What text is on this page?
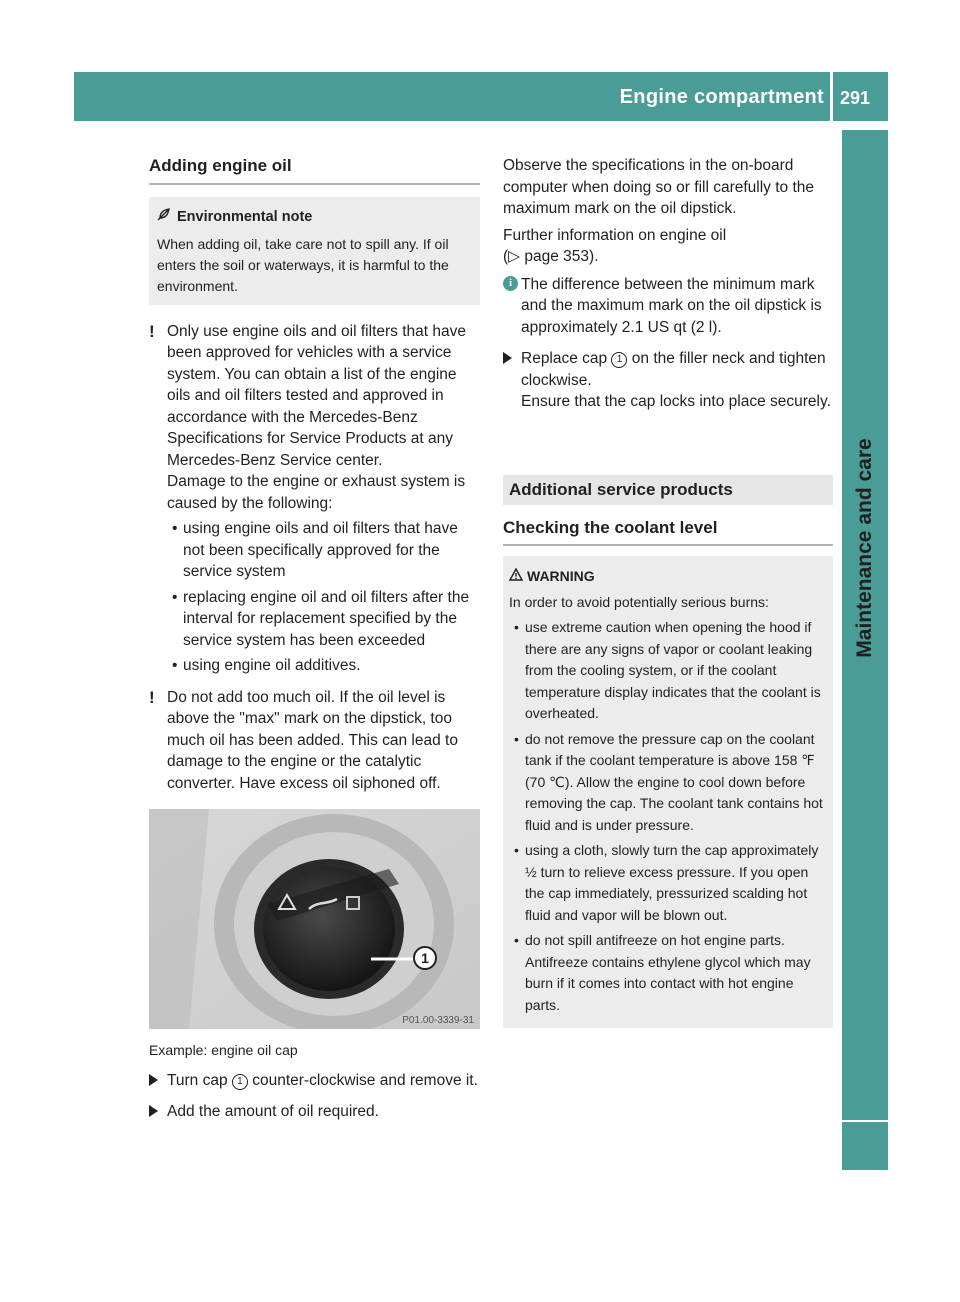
Engine compartment 291
Maintenance and care
Adding engine oil
Environmental note

When adding oil, take care not to spill any. If oil enters the soil or waterways, it is harmful to the environment.

! Only use engine oils and oil filters that have been approved for vehicles with a service system. You can obtain a list of the engine oils and oil filters tested and approved in accordance with the Mercedes-Benz Specifications for Service Products at any Mercedes-Benz Service center.

Damage to the engine or exhaust system is caused by the following:

• using engine oils and oil filters that have not been specifically approved for the service system
• replacing engine oil and oil filters after the interval for replacement specified by the service system has been exceeded
• using engine oil additives.
! Do not add too much oil. If the oil level is above the "max" mark on the dipstick, too much oil has been added. This can lead to damage to the engine or the catalytic converter. Have excess oil siphoned off.

1
P01.00-3339-31

Example: engine oil cap

Turn cap 1 counter-clockwise and remove it.
Add the amount of oil required.

Observe the specifications in the on-board computer when doing so or fill carefully to the maximum mark on the oil dipstick.

Further information on engine oil
(▷ page 353).

i The difference between the minimum mark and the maximum mark on the oil dipstick is approximately 2.1 US qt (2 l).

Replace cap 1 on the filler neck and tighten clockwise.
Ensure that the cap locks into place securely.
Additional service products
Checking the coolant level
WARNING

In order to avoid potentially serious burns:

• use extreme caution when opening the hood if there are any signs of vapor or coolant leaking from the cooling system, or if the coolant temperature display indicates that the coolant is overheated.
• do not remove the pressure cap on the coolant tank if the coolant temperature is above 158 ℉ (70 ℃). Allow the engine to cool down before removing the cap. The coolant tank contains hot fluid and is under pressure.
• using a cloth, slowly turn the cap approximately ½ turn to relieve excess pressure. If you open the cap immediately, pressurized scalding hot fluid and vapor will be blown out.
• do not spill antifreeze on hot engine parts. Antifreeze contains ethylene glycol which may burn if it comes into contact with hot engine parts.
